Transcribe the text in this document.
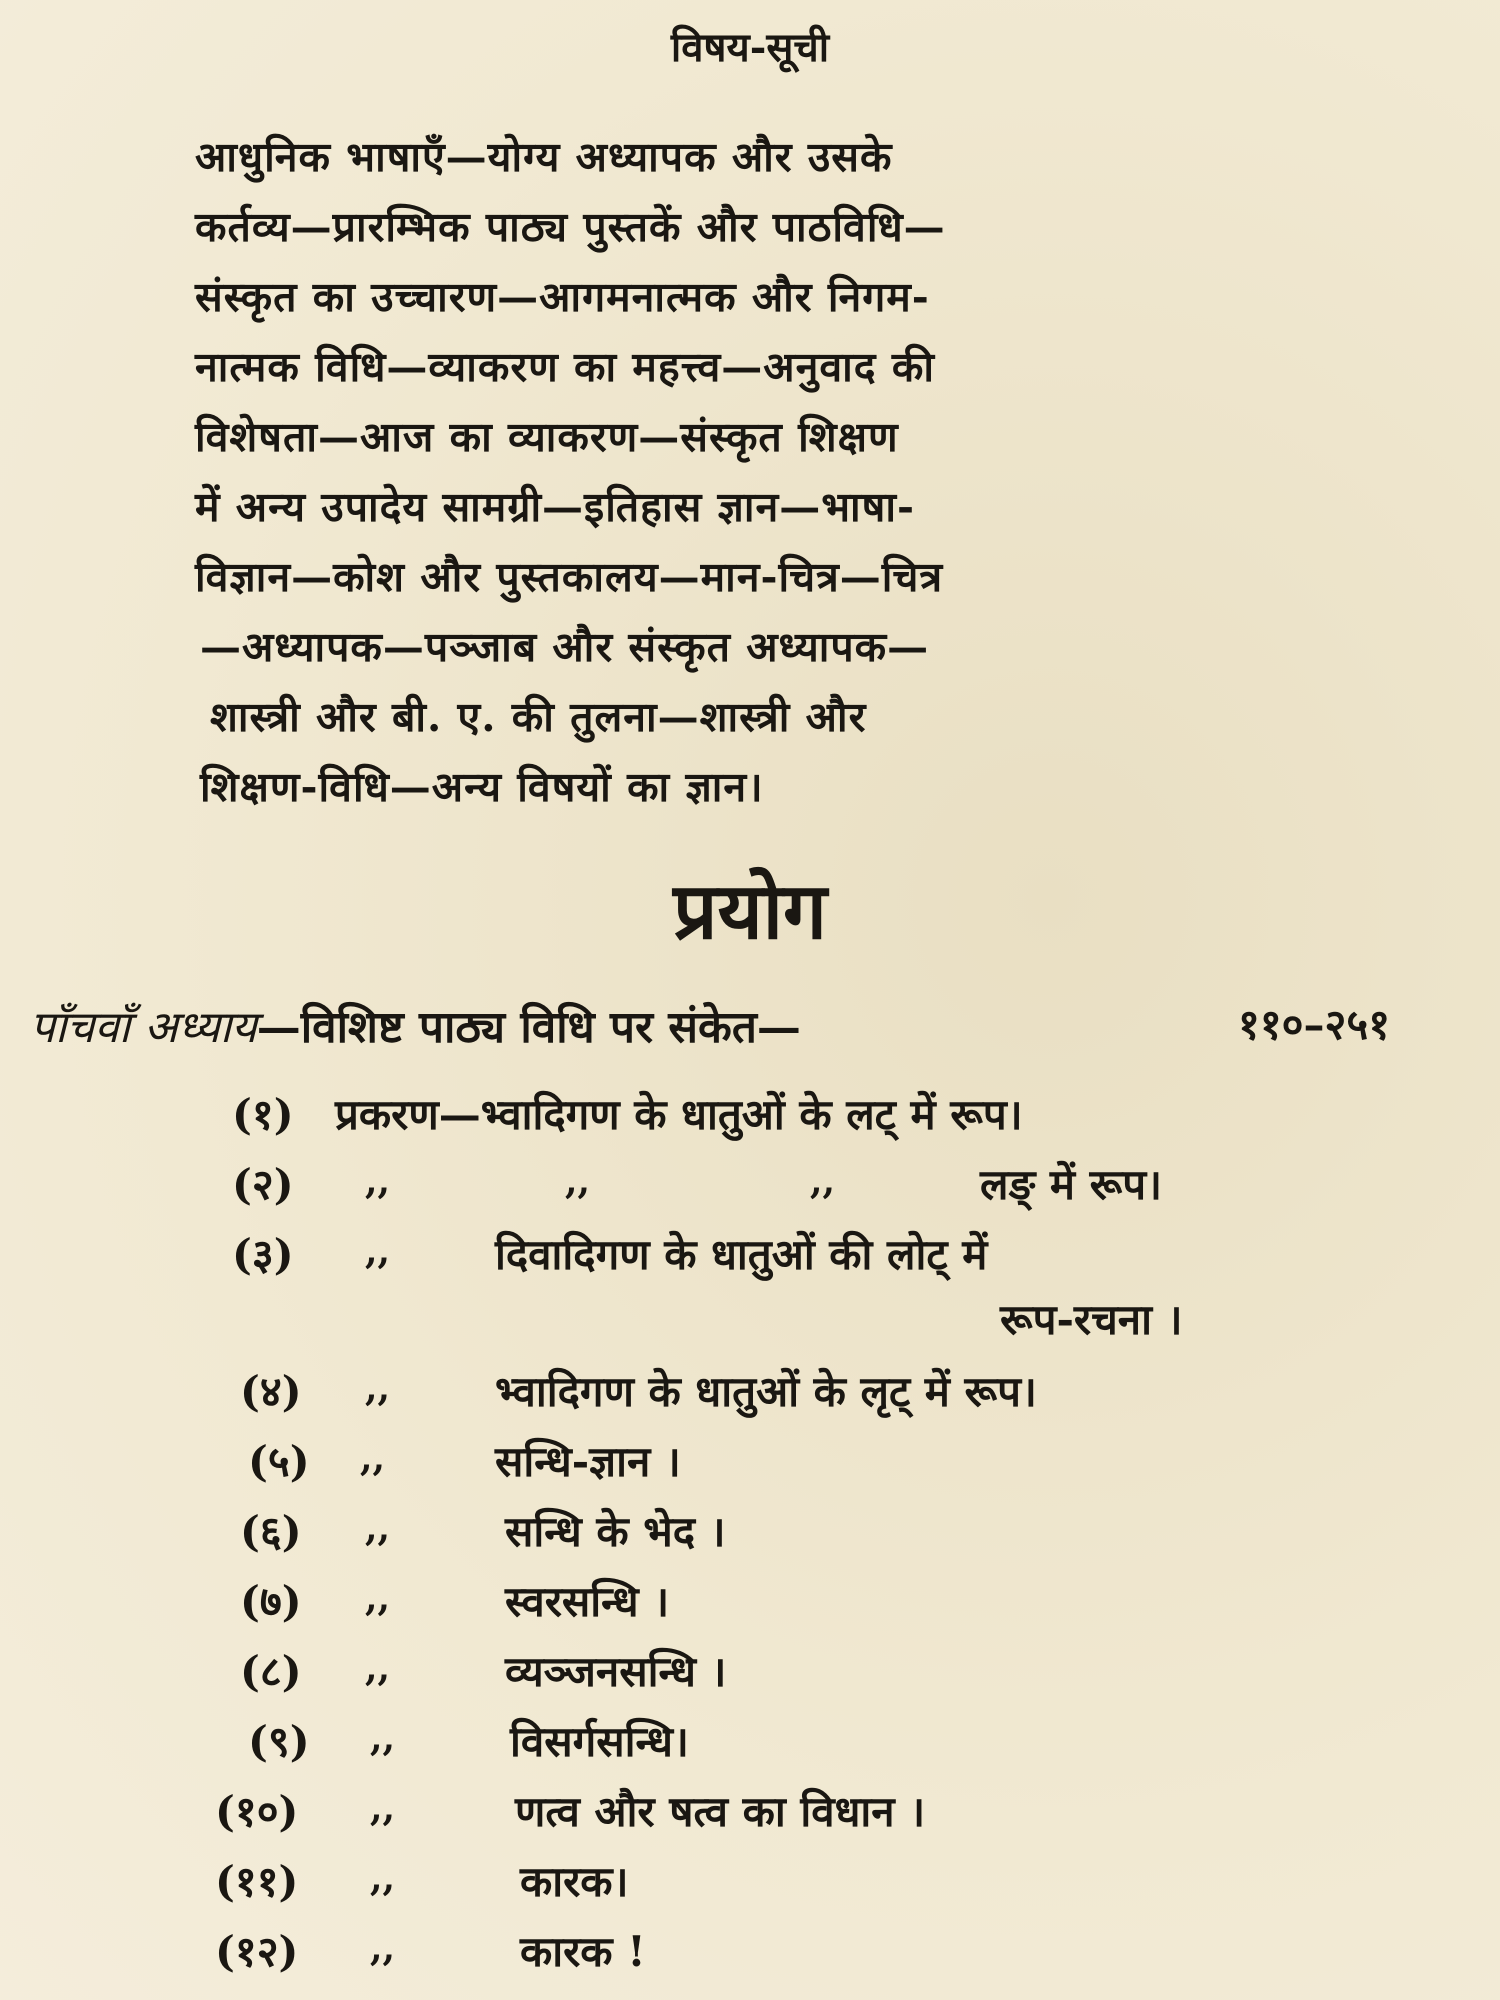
विषय-सूची
आधुनिक भाषाएँ—योग्य अध्यापक और उसके
कर्तव्य—प्रारम्भिक पाठ्य पुस्तकें और पाठविधि—
संस्कृत का उच्चारण—आगमनात्मक और निगम-
नात्मक विधि—व्याकरण का महत्त्व—अनुवाद की
विशेषता—आज का व्याकरण—संस्कृत शिक्षण
में अन्य उपादेय सामग्री—इतिहास ज्ञान—भाषा-
विज्ञान—कोश और पुस्तकालय—मान-चित्र—चित्र
—अध्यापक—पञ्जाब और संस्कृत अध्यापक—
शास्त्री और बी. ए. की तुलना—शास्त्री और
शिक्षण-विधि—अन्य विषयों का ज्ञान।
प्रयोग
पाँचवाँ अध्याय—विशिष्ट पाठ्य विधि पर संकेत—	११०–२५१
(१) प्रकरण—भ्वादिगण के धातुओं के लट् में रूप।
(२) ,,	,,	,,	लङ् में रूप।
(३) ,, दिवादिगण के धातुओं की लोट् में
रूप-रचना ।
(४) ,, भ्वादिगण के धातुओं के लृट् में रूप।
(५) ,,	सन्धि-ज्ञान ।
(६) ,,	सन्धि के भेद ।
(७) ,,	स्वरसन्धि ।
(८) ,,	व्यञ्जनसन्धि ।
(९) ,,	विसर्गसन्धि।
(१०) ,,	णत्व और षत्व का विधान ।
(११) ,,	कारक।
(१२) ,,	कारक !
